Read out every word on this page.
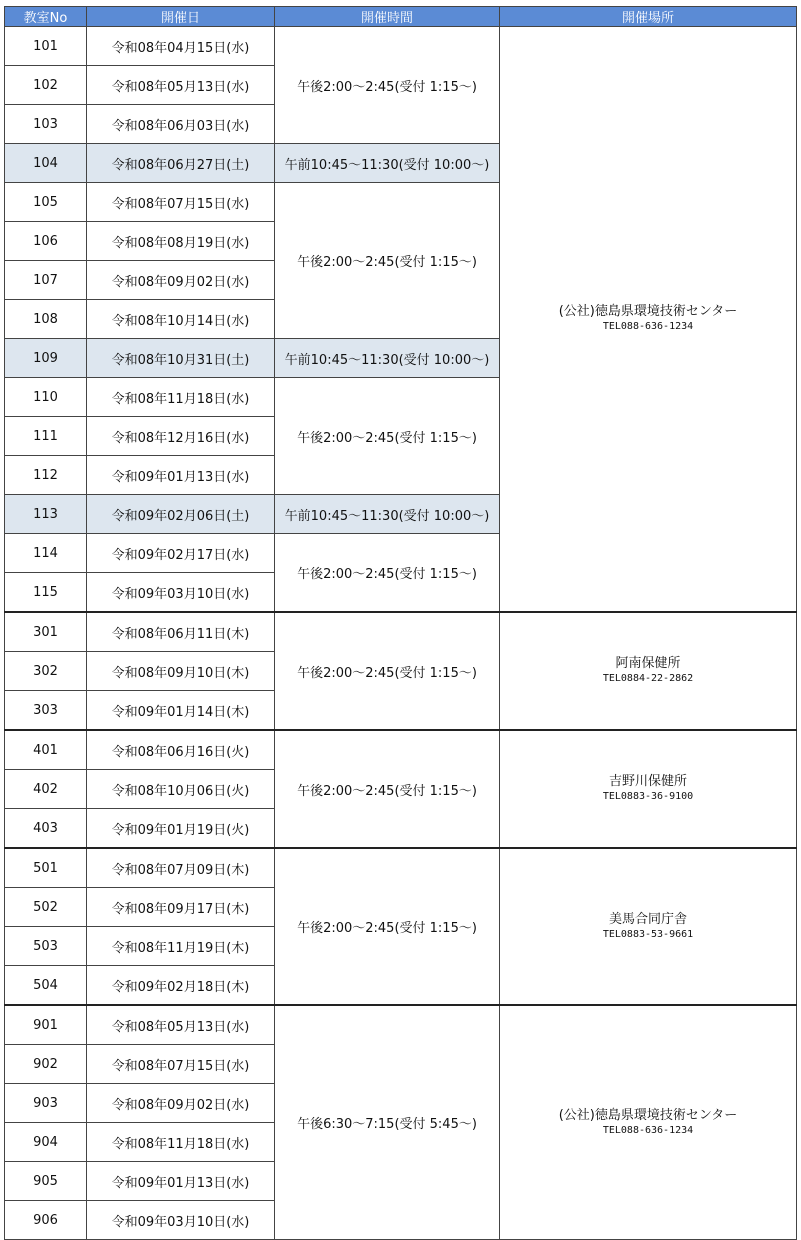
教室No	開催日	開催時間	開催場所
101	令和08年04月15日(水)	午後2:00～2:45(受付 1:15～)	(公社)徳島県環境技術センター
TEL088-636-1234

102	令和08年05月13日(水)		
103	令和08年06月03日(水)		
104	令和08年06月27日(土)	午前10:45～11:30(受付 10:00～)	
105	令和08年07月15日(水)	午後2:00～2:45(受付 1:15～)	
106	令和08年08月19日(水)		
107	令和08年09月02日(水)		
108	令和08年10月14日(水)		
109	令和08年10月31日(土)	午前10:45～11:30(受付 10:00～)	
110	令和08年11月18日(水)	午後2:00～2:45(受付 1:15～)	
111	令和08年12月16日(水)		
112	令和09年01月13日(水)		
113	令和09年02月06日(土)	午前10:45～11:30(受付 10:00～)	
114	令和09年02月17日(水)	午後2:00～2:45(受付 1:15～)	
115	令和09年03月10日(水)		
301	令和08年06月11日(木)	午後2:00～2:45(受付 1:15～)	阿南保健所
TEL0884-22-2862

302	令和08年09月10日(木)		
303	令和09年01月14日(木)		
401	令和08年06月16日(火)	午後2:00～2:45(受付 1:15～)	吉野川保健所
TEL0883-36-9100

402	令和08年10月06日(火)		
403	令和09年01月19日(火)		
501	令和08年07月09日(木)	午後2:00～2:45(受付 1:15～)	美馬合同庁舎
TEL0883-53-9661

502	令和08年09月17日(木)		
503	令和08年11月19日(木)		
504	令和09年02月18日(木)		
901	令和08年05月13日(水)	午後6:30～7:15(受付 5:45～)	(公社)徳島県環境技術センター
TEL088-636-1234

902	令和08年07月15日(水)		
903	令和08年09月02日(水)		
904	令和08年11月18日(水)		
905	令和09年01月13日(水)		
906	令和09年03月10日(水)		
